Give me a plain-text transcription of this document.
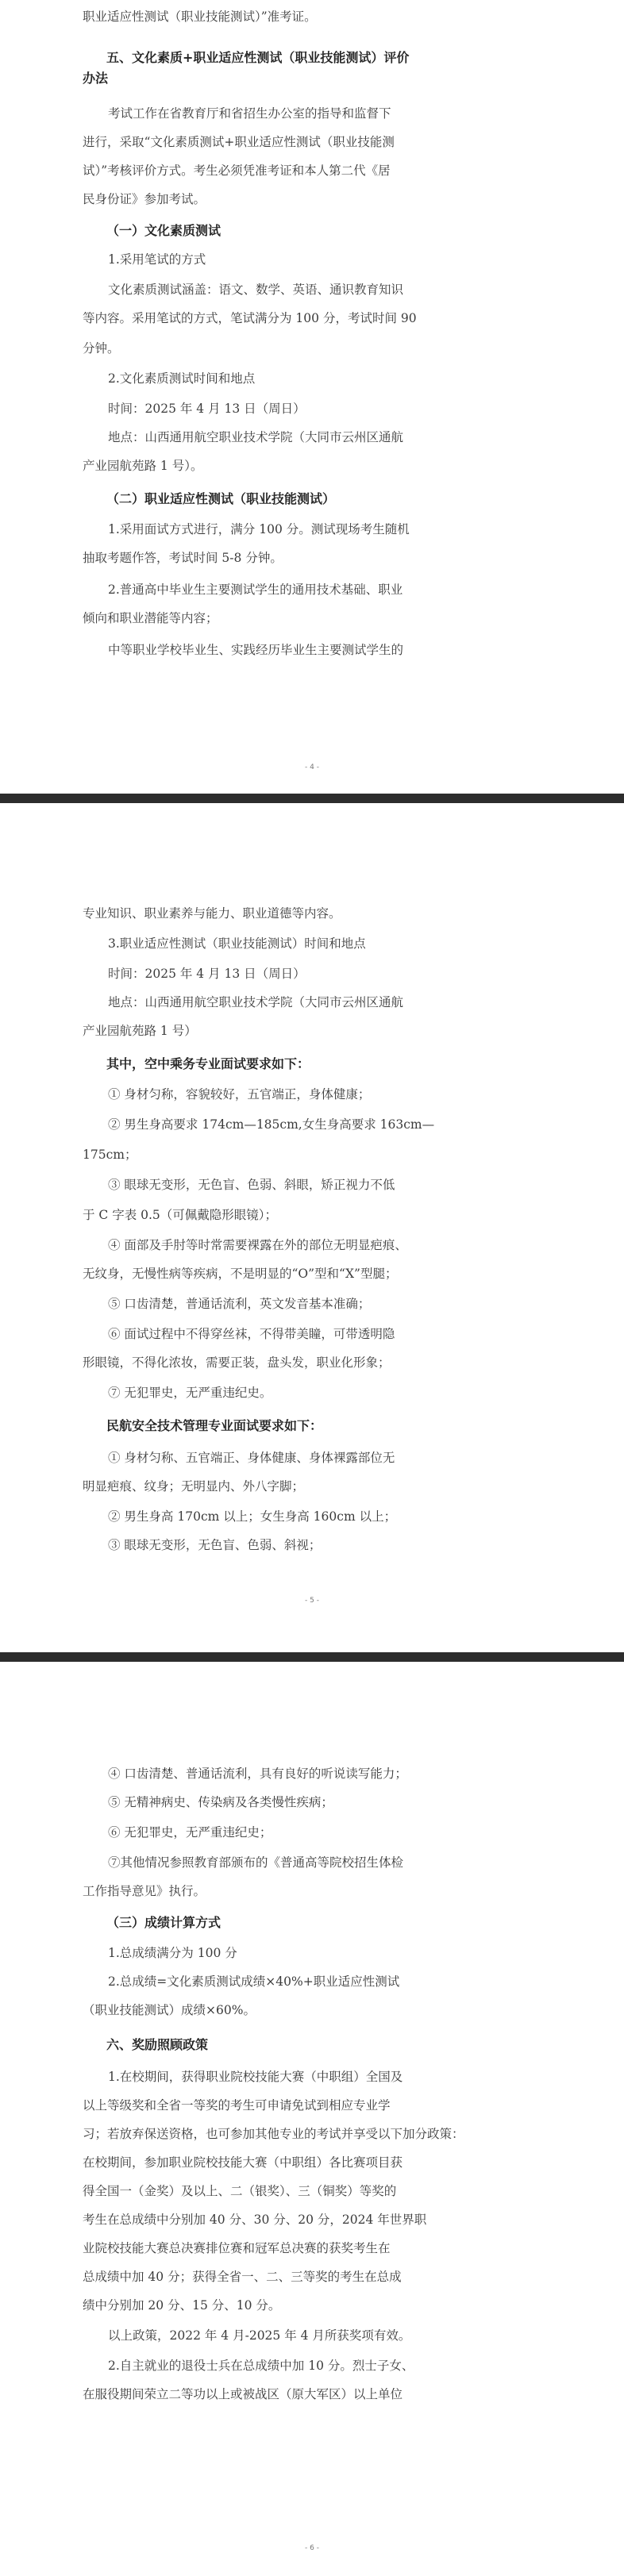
职业适应性测试（职业技能测试）”准考证。
五、文化素质+职业适应性测试（职业技能测试）评价
办法
考试工作在省教育厅和省招生办公室的指导和监督下
进行，采取“文化素质测试+职业适应性测试（职业技能测
试）”考核评价方式。考生必须凭准考证和本人第二代《居
民身份证》参加考试。
（一）文化素质测试
1.采用笔试的方式
文化素质测试涵盖：语文、数学、英语、通识教育知识
等内容。采用笔试的方式，笔试满分为 100 分，考试时间 90
分钟。
2.文化素质测试时间和地点
时间：2025 年 4 月 13 日（周日）
地点：山西通用航空职业技术学院（大同市云州区通航
产业园航苑路 1 号）。
（二）职业适应性测试（职业技能测试）
1.采用面试方式进行，满分 100 分。测试现场考生随机
抽取考题作答，考试时间 5-8 分钟。
2.普通高中毕业生主要测试学生的通用技术基础、职业
倾向和职业潜能等内容；
中等职业学校毕业生、实践经历毕业生主要测试学生的
- 4 -
专业知识、职业素养与能力、职业道德等内容。
3.职业适应性测试（职业技能测试）时间和地点
时间：2025 年 4 月 13 日（周日）
地点：山西通用航空职业技术学院（大同市云州区通航
产业园航苑路 1 号）
其中，空中乘务专业面试要求如下：
① 身材匀称，容貌较好，五官端正，身体健康；
② 男生身高要求 174cm—185cm,女生身高要求 163cm—
175cm；
③ 眼球无变形，无色盲、色弱、斜眼，矫正视力不低
于 C 字表 0.5（可佩戴隐形眼镜）；
④ 面部及手肘等时常需要裸露在外的部位无明显疤痕、
无纹身，无慢性病等疾病，不是明显的“O”型和“X”型腿；
⑤ 口齿清楚，普通话流利，英文发音基本准确；
⑥ 面试过程中不得穿丝袜，不得带美瞳，可带透明隐
形眼镜，不得化浓妆，需要正装，盘头发，职业化形象；
⑦ 无犯罪史，无严重违纪史。
民航安全技术管理专业面试要求如下：
① 身材匀称、五官端正、身体健康、身体裸露部位无
明显疤痕、纹身；无明显内、外八字脚；
② 男生身高 170cm 以上；女生身高 160cm 以上；
③ 眼球无变形，无色盲、色弱、斜视；
- 5 -
④ 口齿清楚、普通话流利，具有良好的听说读写能力；
⑤ 无精神病史、传染病及各类慢性疾病；
⑥ 无犯罪史，无严重违纪史；
⑦其他情况参照教育部颁布的《普通高等院校招生体检
工作指导意见》执行。
（三）成绩计算方式
1.总成绩满分为 100 分
2.总成绩=文化素质测试成绩×40%+职业适应性测试
（职业技能测试）成绩×60%。
六、奖励照顾政策
1.在校期间，获得职业院校技能大赛（中职组）全国及
以上等级奖和全省一等奖的考生可申请免试到相应专业学
习；若放弃保送资格，也可参加其他专业的考试并享受以下加分政策：
在校期间，参加职业院校技能大赛（中职组）各比赛项目获
得全国一（金奖）及以上、二（银奖）、三（铜奖）等奖的
考生在总成绩中分别加 40 分、30 分、20 分，2024 年世界职
业院校技能大赛总决赛排位赛和冠军总决赛的获奖考生在
总成绩中加 40 分；获得全省一、二、三等奖的考生在总成
绩中分别加 20 分、15 分、10 分。
以上政策，2022 年 4 月-2025 年 4 月所获奖项有效。
2.自主就业的退役士兵在总成绩中加 10 分。烈士子女、
在服役期间荣立二等功以上或被战区（原大军区）以上单位
- 6 -
